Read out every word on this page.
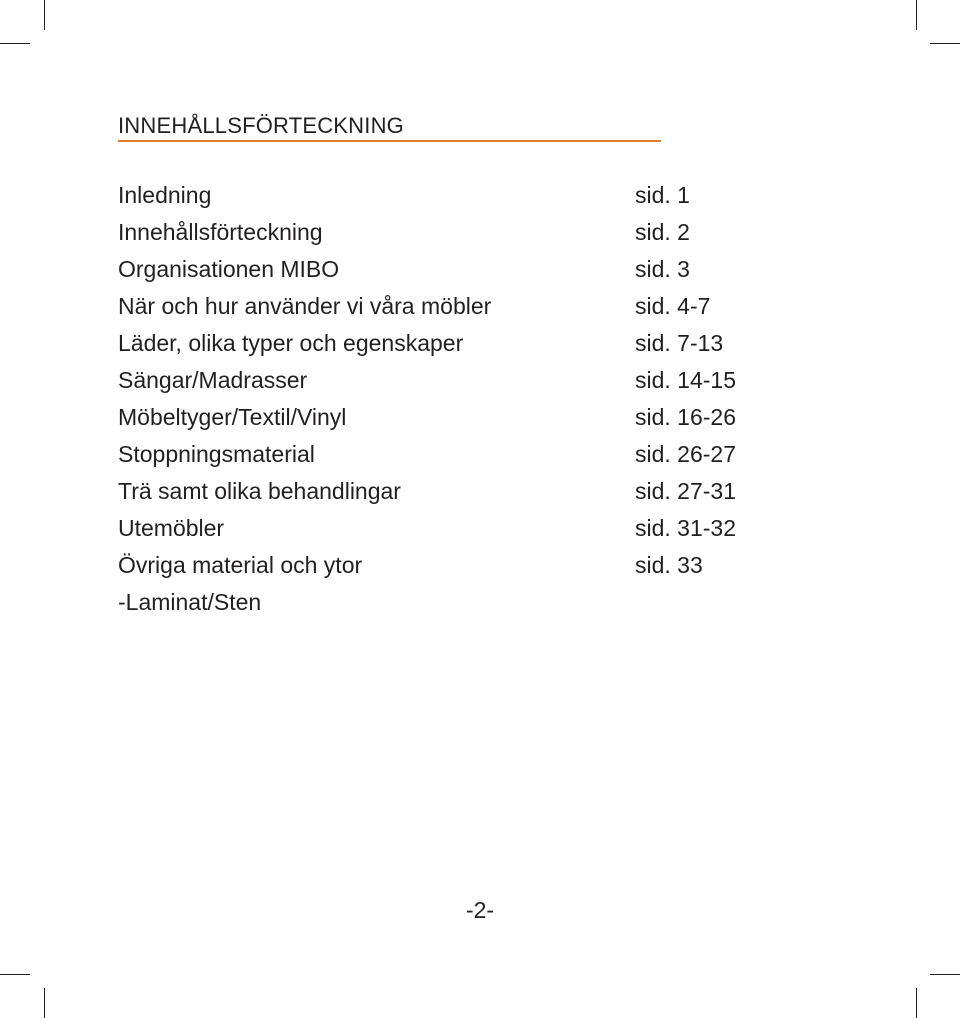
INNEHÅLLSFÖRTECKNING
Inledning	sid. 1
Innehållsförteckning	sid. 2
Organisationen MIBO	sid. 3
När och hur använder vi våra möbler	sid. 4-7
Läder, olika typer och egenskaper	sid. 7-13
Sängar/Madrasser	sid. 14-15
Möbeltyger/Textil/Vinyl	sid. 16-26
Stoppningsmaterial	sid. 26-27
Trä samt olika behandlingar	sid. 27-31
Utemöbler	sid. 31-32
Övriga material och ytor	sid. 33
-Laminat/Sten
-2-
